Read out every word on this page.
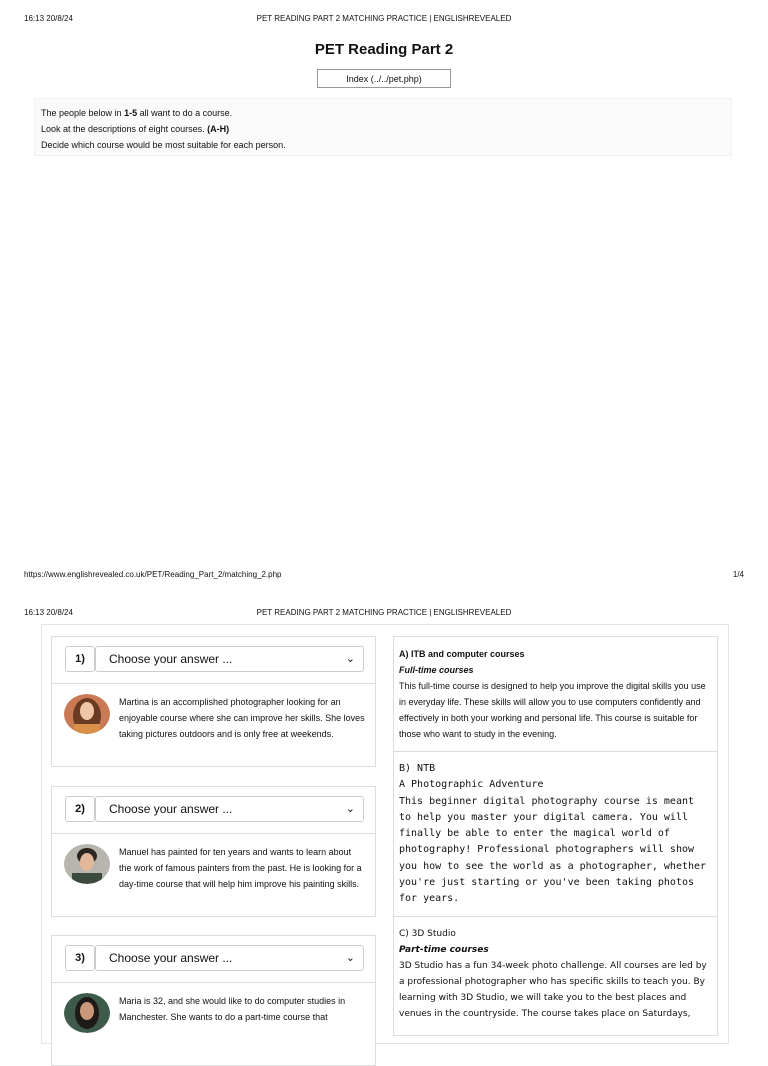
16:13 20/8/24	PET READING PART 2 MATCHING PRACTICE | ENGLISHREVEALED
PET Reading Part 2
Index (../../pet.php)

The people below in 1-5 all want to do a course.

Look at the descriptions of eight courses. (A-H)

Decide which course would be most suitable for each person.

https://www.englishrevealed.co.uk/PET/Reading_Part_2/matching_2.php	1/4
16:13 20/8/24	PET READING PART 2 MATCHING PRACTICE | ENGLISHREVEALED
1)	Choose your answer ...	⌄
Martina is an accomplished photographer looking for an enjoyable course where she can improve her skills. She loves taking pictures outdoors and is only free at weekends.
2)	Choose your answer ...	⌄
Manuel has painted for ten years and wants to learn about the work of famous painters from the past. He is looking for a day-time course that will help him improve his painting skills.
3)	Choose your answer ...	⌄
Maria is 32, and she would like to do computer studies in Manchester. She wants to do a part-time course that

A) ITB and computer courses

Full-time courses

This full-time course is designed to help you improve the digital skills you use in everyday life. These skills will allow you to use computers confidently and effectively in both your working and personal life. This course is suitable for those who want to study in the evening.

B) NTB

A Photographic Adventure

This beginner digital photography course is meant to help you master your digital camera. You will finally be able to enter the magical world of photography! Professional photographers will show you how to see the world as a photographer, whether you're just starting or you've been taking photos for years.

C) 3D Studio

Part-time courses

3D Studio has a fun 34-week photo challenge. All courses are led by a professional photographer who has specific skills to teach you. By learning with 3D Studio, we will take you to the best places and venues in the countryside. The course takes place on Saturdays,
